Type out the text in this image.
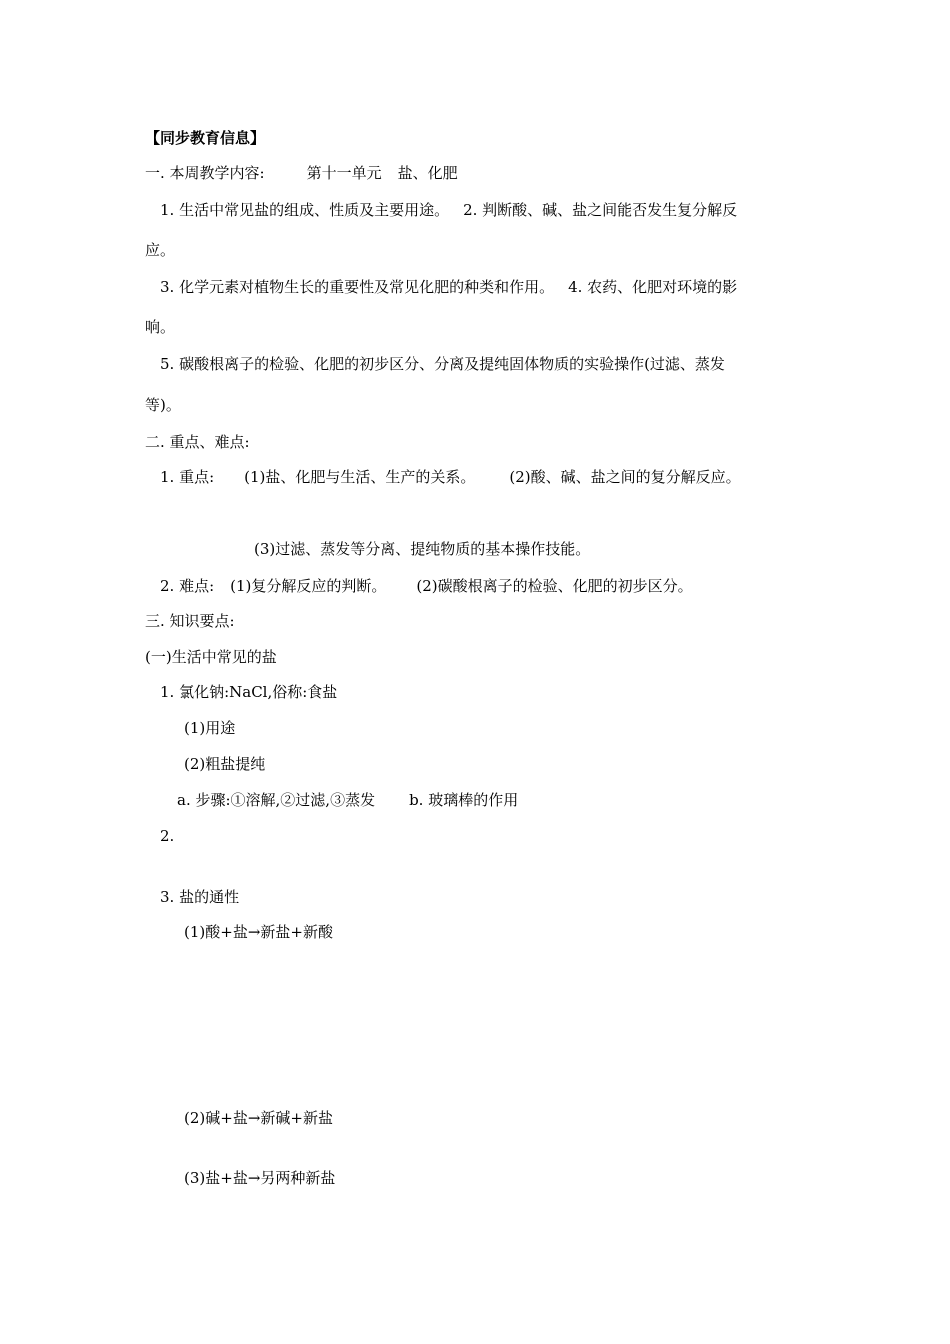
【同步教育信息】
一. 本周教学内容:	第十一单元 盐、化肥
1. 生活中常见盐的组成、性质及主要用途。 2. 判断酸、碱、盐之间能否发生复分解反
应。
3. 化学元素对植物生长的重要性及常见化肥的种类和作用。 4. 农药、化肥对环境的影
响。
5. 碳酸根离子的检验、化肥的初步区分、分离及提纯固体物质的实验操作(过滤、蒸发
等)。
二. 重点、难点:
1. 重点: (1)盐、化肥与生活、生产的关系。 (2)酸、碱、盐之间的复分解反应。
(3)过滤、蒸发等分离、提纯物质的基本操作技能。
2. 难点: (1)复分解反应的判断。 (2)碳酸根离子的检验、化肥的初步区分。
三. 知识要点:
(一)生活中常见的盐
1. 氯化钠:NaCl,俗称:食盐
(1)用途
(2)粗盐提纯
a. 步骤:①溶解,②过滤,③蒸发 b. 玻璃棒的作用
2.
3. 盐的通性
(1)酸+盐→新盐+新酸
(2)碱+盐→新碱+新盐
(3)盐+盐→另两种新盐
